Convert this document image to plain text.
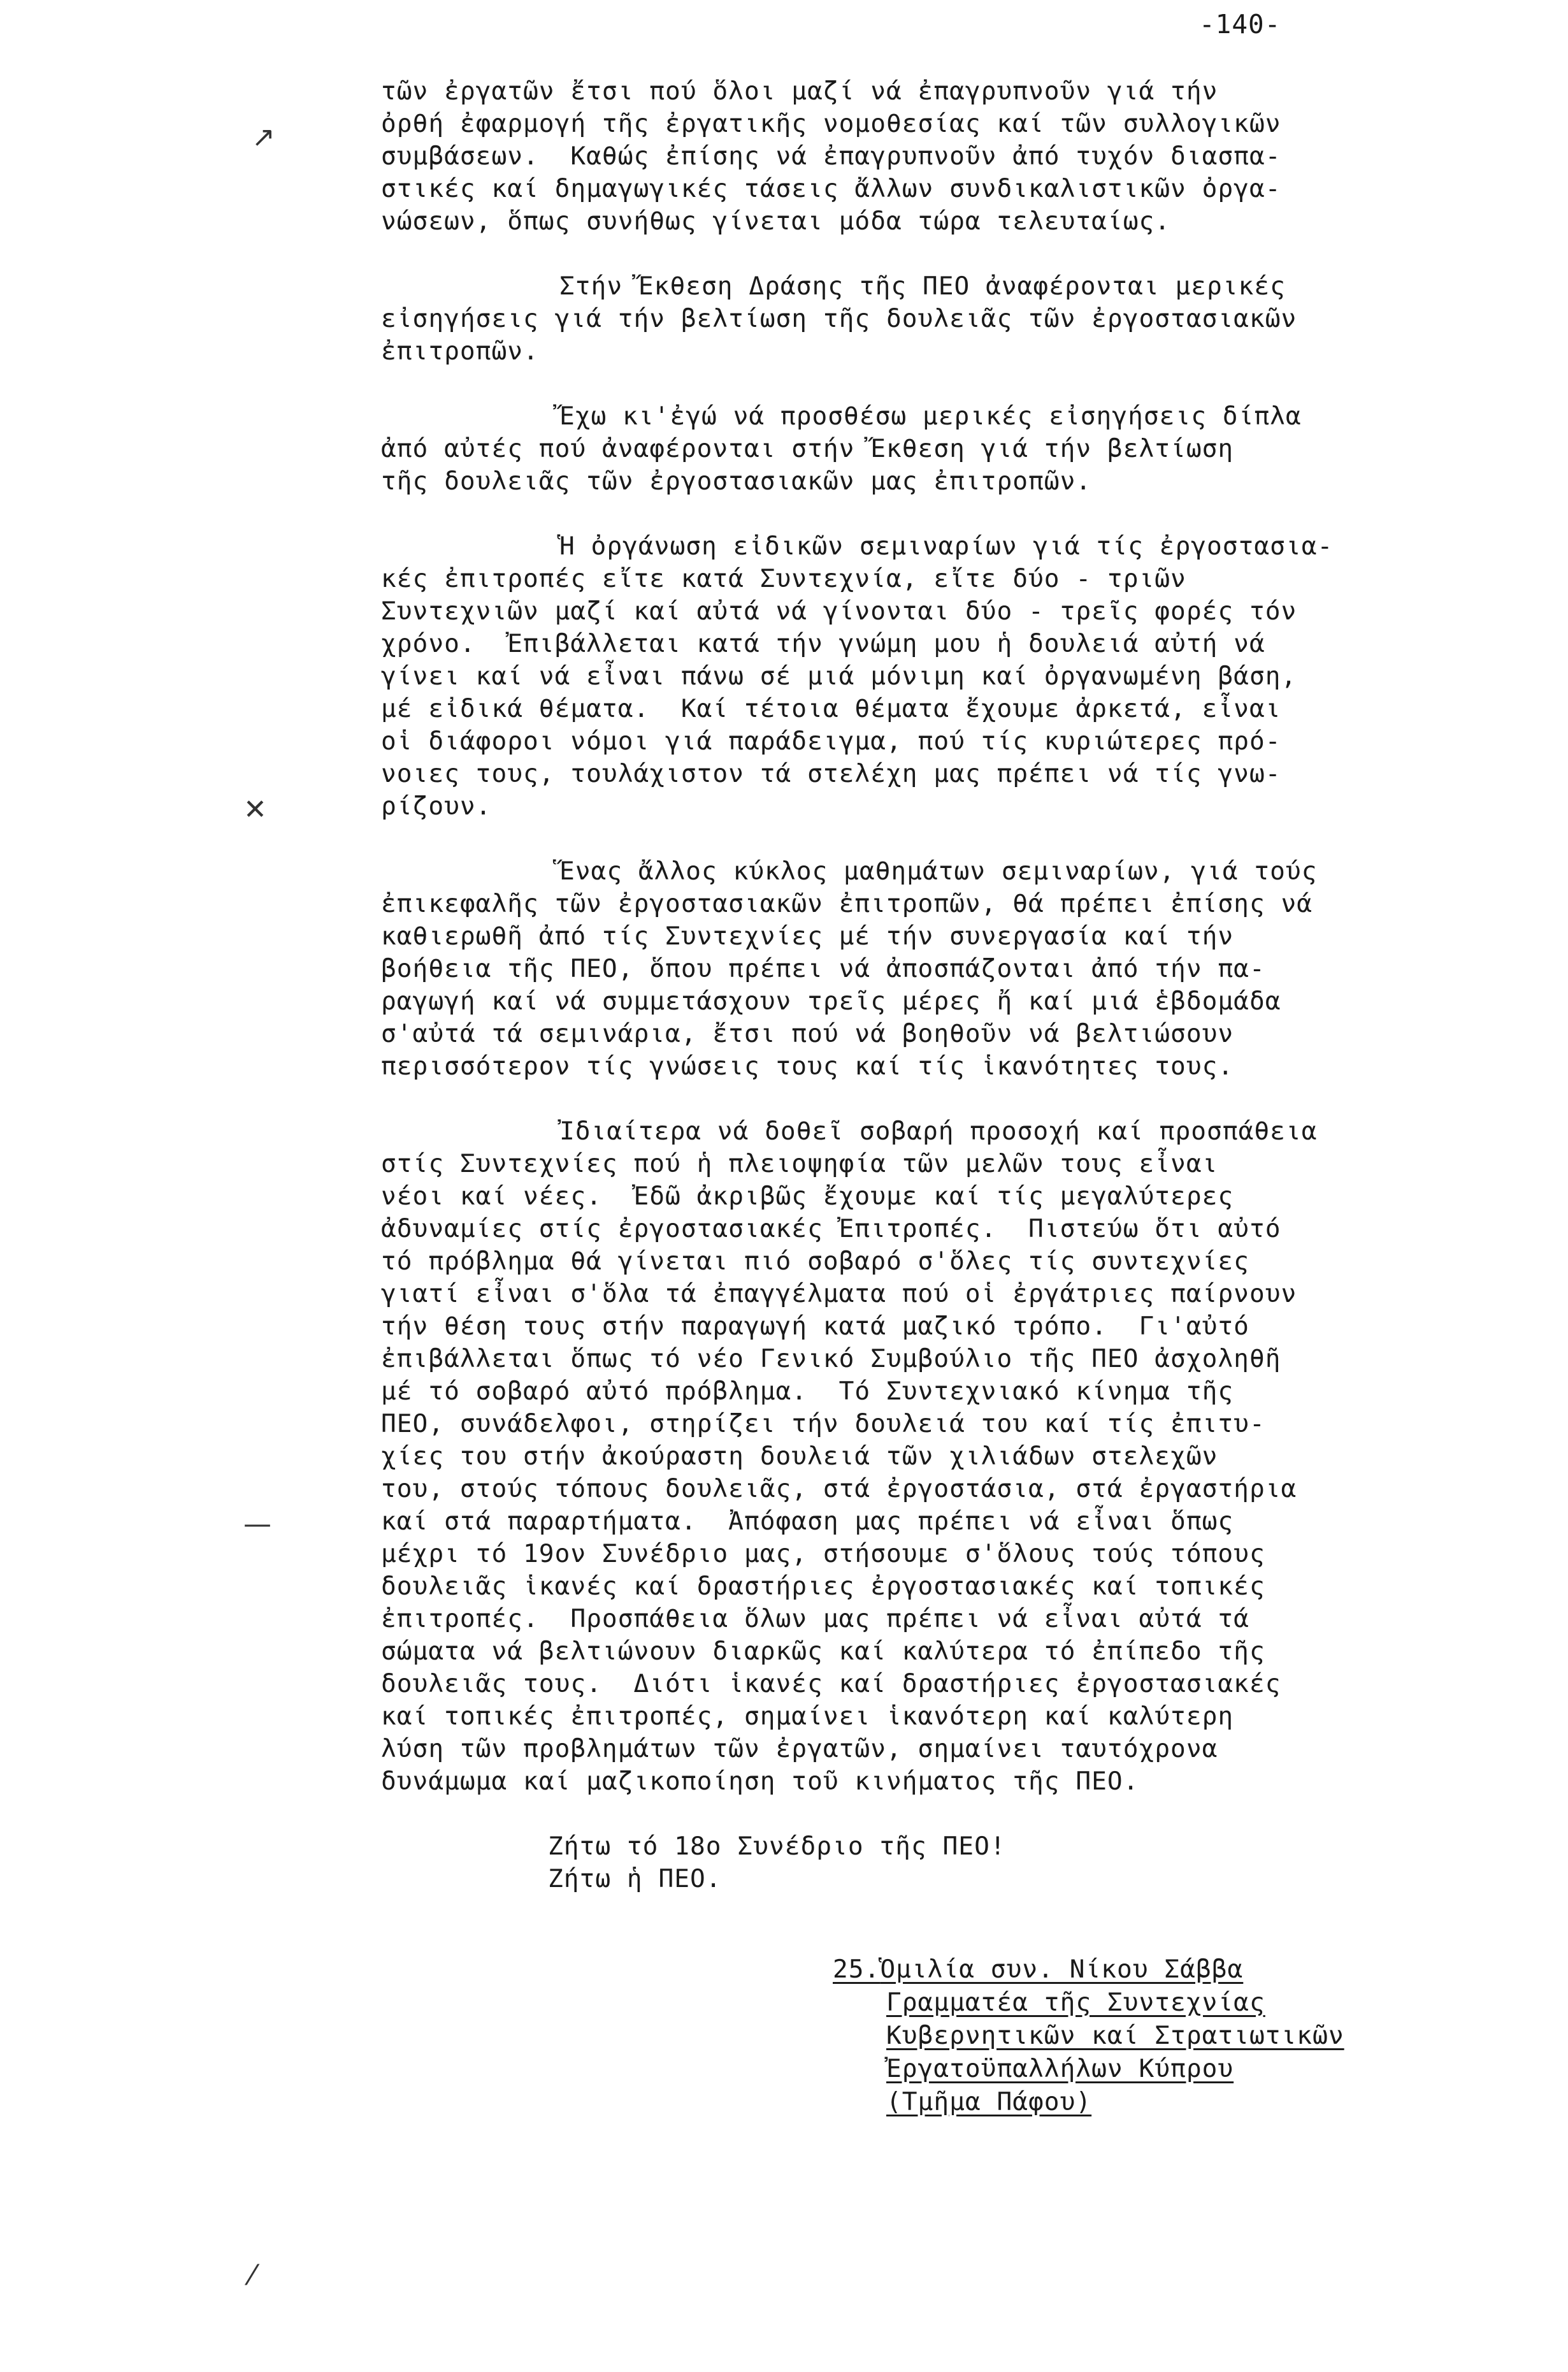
-140-
τῶν ἐργατῶν ἔτσι πού ὅλοι μαζί νά ἐπαγρυπνοῦν γιά τήν
ὀρθή ἐφαρμογή τῆς ἐργατικῆς νομοθεσίας καί τῶν συλλογικῶν
συμβάσεων.  Καθώς ἐπίσης νά ἐπαγρυπνοῦν ἀπό τυχόν διασπα-
στικές καί δημαγωγικές τάσεις ἄλλων συνδικαλιστικῶν ὀργα-
νώσεων, ὅπως συνήθως γίνεται μόδα τώρα τελευταίως.
Στήν Ἔκθεση Δράσης τῆς ΠΕΟ ἀναφέρονται μερικές
εἰσηγήσεις γιά τήν βελτίωση τῆς δουλειᾶς τῶν ἐργοστασιακῶν
ἐπιτροπῶν.
Ἔχω κι'ἐγώ νά προσθέσω μερικές εἰσηγήσεις δίπλα
ἀπό αὐτές πού ἀναφέρονται στήν Ἔκθεση γιά τήν βελτίωση
τῆς δουλειᾶς τῶν ἐργοστασιακῶν μας ἐπιτροπῶν.
Ἡ ὀργάνωση εἰδικῶν σεμιναρίων γιά τίς ἐργοστασια-
κές ἐπιτροπές εἴτε κατά Συντεχνία, εἴτε δύο - τριῶν
Συντεχνιῶν μαζί καί αὐτά νά γίνονται δύο - τρεῖς φορές τόν
χρόνο.  Ἐπιβάλλεται κατά τήν γνώμη μου ἡ δουλειά αὐτή νά
γίνει καί νά εἶναι πάνω σέ μιά μόνιμη καί ὀργανωμένη βάση,
μέ εἰδικά θέματα.  Καί τέτοια θέματα ἔχουμε ἀρκετά, εἶναι
οἱ διάφοροι νόμοι γιά παράδειγμα, πού τίς κυριώτερες πρό-
νοιες τους, τουλάχιστον τά στελέχη μας πρέπει νά τίς γνω-
ρίζουν.
Ἕνας ἄλλος κύκλος μαθημάτων σεμιναρίων, γιά τούς
ἐπικεφαλῆς τῶν ἐργοστασιακῶν ἐπιτροπῶν, θά πρέπει ἐπίσης νά
καθιερωθῆ ἀπό τίς Συντεχνίες μέ τήν συνεργασία καί τήν
βοήθεια τῆς ΠΕΟ, ὅπου πρέπει νά ἀποσπάζονται ἀπό τήν πα-
ραγωγή καί νά συμμετάσχουν τρεῖς μέρες ἤ καί μιά ἑβδομάδα
σ'αὐτά τά σεμινάρια, ἔτσι πού νά βοηθοῦν νά βελτιώσουν
περισσότερον τίς γνώσεις τους καί τίς ἱκανότητες τους.
Ἰδιαίτερα νά δοθεῖ σοβαρή προσοχή καί προσπάθεια
στίς Συντεχνίες πού ἡ πλειοψηφία τῶν μελῶν τους εἶναι
νέοι καί νέες.  Ἐδῶ ἀκριβῶς ἔχουμε καί τίς μεγαλύτερες
ἀδυναμίες στίς ἐργοστασιακές Ἐπιτροπές.  Πιστεύω ὅτι αὐτό
τό πρόβλημα θά γίνεται πιό σοβαρό σ'ὅλες τίς συντεχνίες
γιατί εἶναι σ'ὅλα τά ἐπαγγέλματα πού οἱ ἐργάτριες παίρνουν
τήν θέση τους στήν παραγωγή κατά μαζικό τρόπο.  Γι'αὐτό
ἐπιβάλλεται ὅπως τό νέο Γενικό Συμβούλιο τῆς ΠΕΟ ἀσχοληθῆ
μέ τό σοβαρό αὐτό πρόβλημα.  Τό Συντεχνιακό κίνημα τῆς
ΠΕΟ, συνάδελφοι, στηρίζει τήν δουλειά του καί τίς ἐπιτυ-
χίες του στήν ἀκούραστη δουλειά τῶν χιλιάδων στελεχῶν
του, στούς τόπους δουλειᾶς, στά ἐργοστάσια, στά ἐργαστήρια
καί στά παραρτήματα.  Ἀπόφαση μας πρέπει νά εἶναι ὅπως
μέχρι τό 19ον Συνέδριο μας, στήσουμε σ'ὅλους τούς τόπους
δουλειᾶς ἱκανές καί δραστήριες ἐργοστασιακές καί τοπικές
ἐπιτροπές.  Προσπάθεια ὅλων μας πρέπει νά εἶναι αὐτά τά
σώματα νά βελτιώνουν διαρκῶς καί καλύτερα τό ἐπίπεδο τῆς
δουλειᾶς τους.  Διότι ἱκανές καί δραστήριες ἐργοστασιακές
καί τοπικές ἐπιτροπές, σημαίνει ἱκανότερη καί καλύτερη
λύση τῶν προβλημάτων τῶν ἐργατῶν, σημαίνει ταυτόχρονα
δυνάμωμα καί μαζικοποίηση τοῦ κινήματος τῆς ΠΕΟ.
Ζήτω τό 18ο Συνέδριο τῆς ΠΕΟ!
Ζήτω ἡ ΠΕΟ.
25.Ὁμιλία συν. Νίκου Σάββα
Γραμματέα τῆς Συντεχνίας
Κυβερνητικῶν καί Στρατιωτικῶν
Ἐργατοϋπαλλήλων Κύπρου
(Τμῆμα Πάφου)
↗
✕
—
⁄
